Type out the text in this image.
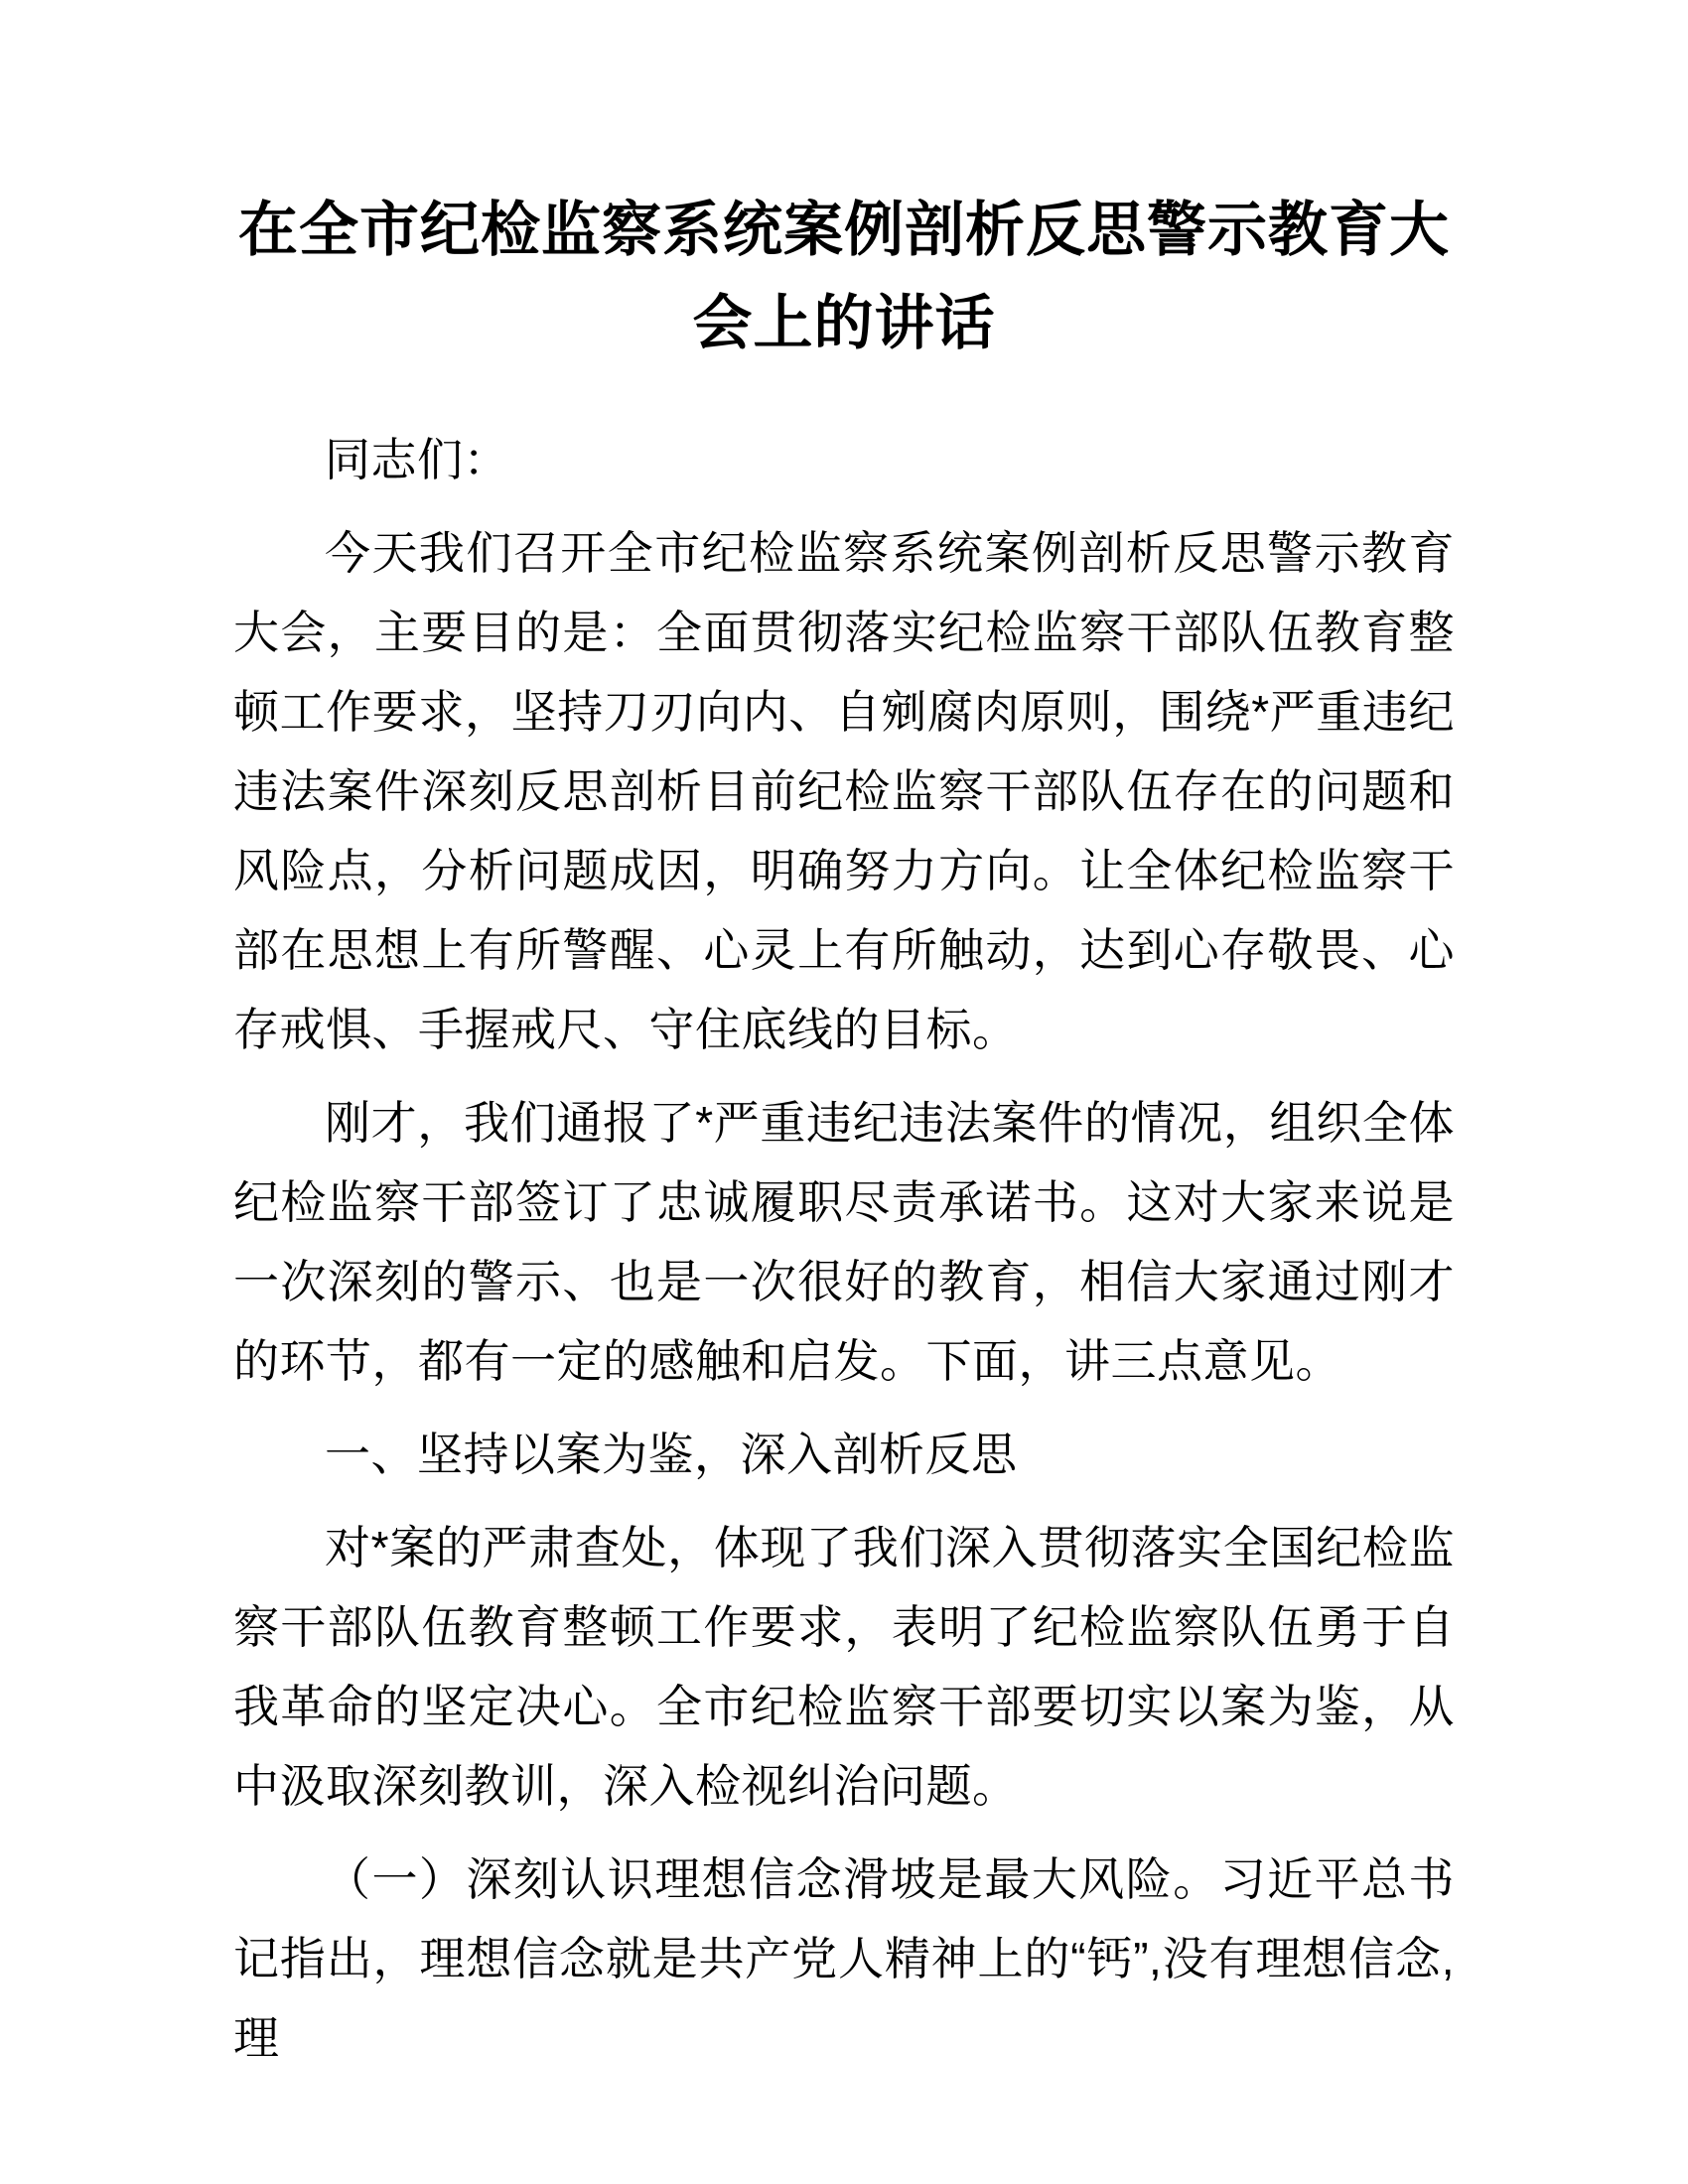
在全市纪检监察系统案例剖析反思警示教育大会上的讲话

同志们：

今天我们召开全市纪检监察系统案例剖析反思警示教育大会，主要目的是：全面贯彻落实纪检监察干部队伍教育整顿工作要求，坚持刀刃向内、自剜腐肉原则，围绕*严重违纪违法案件深刻反思剖析目前纪检监察干部队伍存在的问题和风险点，分析问题成因，明确努力方向。让全体纪检监察干部在思想上有所警醒、心灵上有所触动，达到心存敬畏、心存戒惧、手握戒尺、守住底线的目标。

刚才，我们通报了*严重违纪违法案件的情况，组织全体纪检监察干部签订了忠诚履职尽责承诺书。这对大家来说是一次深刻的警示、也是一次很好的教育，相信大家通过刚才的环节，都有一定的感触和启发。下面，讲三点意见。

一、坚持以案为鉴，深入剖析反思

对*案的严肃查处，体现了我们深入贯彻落实全国纪检监察干部队伍教育整顿工作要求，表明了纪检监察队伍勇于自我革命的坚定决心。全市纪检监察干部要切实以案为鉴，从中汲取深刻教训，深入检视纠治问题。

（一）深刻认识理想信念滑坡是最大风险。习近平总书记指出，理想信念就是共产党人精神上的“钙”,没有理想信念,理
